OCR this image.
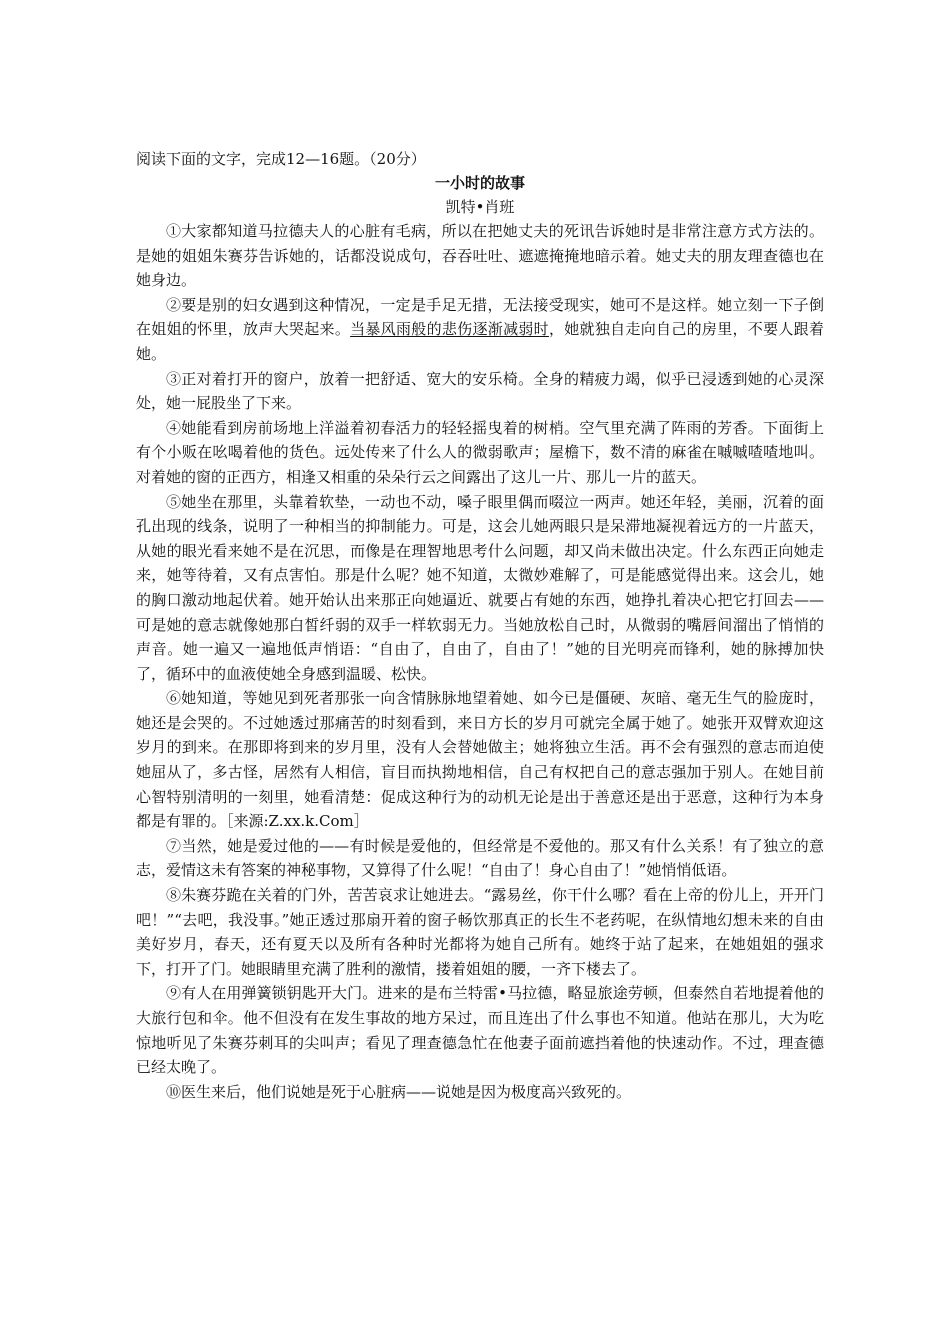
阅读下面的文字，完成12—16题。（20分）

一小时的故事

凯特•肖班

①大家都知道马拉德夫人的心脏有毛病，所以在把她丈夫的死讯告诉她时是非常注意方式方法的。是她的姐姐朱赛芬告诉她的，话都没说成句，吞吞吐吐、遮遮掩掩地暗示着。她丈夫的朋友理查德也在她身边。

②要是别的妇女遇到这种情况，一定是手足无措，无法接受现实，她可不是这样。她立刻一下子倒在姐姐的怀里，放声大哭起来。当暴风雨般的悲伤逐渐减弱时，她就独自走向自己的房里，不要人跟着她。

③正对着打开的窗户，放着一把舒适、宽大的安乐椅。全身的精疲力竭，似乎已浸透到她的心灵深处，她一屁股坐了下来。

④她能看到房前场地上洋溢着初春活力的轻轻摇曳着的树梢。空气里充满了阵雨的芳香。下面街上有个小贩在吆喝着他的货色。远处传来了什么人的微弱歌声；屋檐下，数不清的麻雀在嘁嘁喳喳地叫。对着她的窗的正西方，相逢又相重的朵朵行云之间露出了这儿一片、那儿一片的蓝天。

⑤她坐在那里，头靠着软垫，一动也不动，嗓子眼里偶而啜泣一两声。她还年轻，美丽，沉着的面孔出现的线条，说明了一种相当的抑制能力。可是，这会儿她两眼只是呆滞地凝视着远方的一片蓝天，从她的眼光看来她不是在沉思，而像是在理智地思考什么问题，却又尚未做出决定。什么东西正向她走来，她等待着，又有点害怕。那是什么呢？她不知道，太微妙难解了，可是能感觉得出来。这会儿，她的胸口激动地起伏着。她开始认出来那正向她逼近、就要占有她的东西，她挣扎着决心把它打回去——可是她的意志就像她那白皙纤弱的双手一样软弱无力。当她放松自己时，从微弱的嘴唇间溜出了悄悄的声音。她一遍又一遍地低声悄语：“自由了，自由了，自由了！”她的目光明亮而锋利，她的脉搏加快了，循环中的血液使她全身感到温暖、松快。

⑥她知道，等她见到死者那张一向含情脉脉地望着她、如今已是僵硬、灰暗、毫无生气的脸庞时，她还是会哭的。不过她透过那痛苦的时刻看到，来日方长的岁月可就完全属于她了。她张开双臂欢迎这岁月的到来。在那即将到来的岁月里，没有人会替她做主；她将独立生活。再不会有强烈的意志而迫使她屈从了，多古怪，居然有人相信，盲目而执拗地相信，自己有权把自己的意志强加于别人。在她目前心智特别清明的一刻里，她看清楚：促成这种行为的动机无论是出于善意还是出于恶意，这种行为本身都是有罪的。［来源:Z.xx.k.Com］

⑦当然，她是爱过他的——有时候是爱他的，但经常是不爱他的。那又有什么关系！有了独立的意志，爱情这未有答案的神秘事物，又算得了什么呢！“自由了！身心自由了！”她悄悄低语。

⑧朱赛芬跪在关着的门外，苦苦哀求让她进去。“露易丝，你干什么哪？看在上帝的份儿上，开开门吧！”“去吧，我没事。”她正透过那扇开着的窗子畅饮那真正的长生不老药呢，在纵情地幻想未来的自由美好岁月，春天，还有夏天以及所有各种时光都将为她自己所有。她终于站了起来，在她姐姐的强求下，打开了门。她眼睛里充满了胜利的激情，搂着姐姐的腰，一齐下楼去了。

⑨有人在用弹簧锁钥匙开大门。进来的是布兰特雷•马拉德，略显旅途劳顿，但泰然自若地提着他的大旅行包和伞。他不但没有在发生事故的地方呆过，而且连出了什么事也不知道。他站在那儿，大为吃惊地听见了朱赛芬刺耳的尖叫声；看见了理查德急忙在他妻子面前遮挡着他的快速动作。不过，理查德已经太晚了。

⑩医生来后，他们说她是死于心脏病——说她是因为极度高兴致死的。
